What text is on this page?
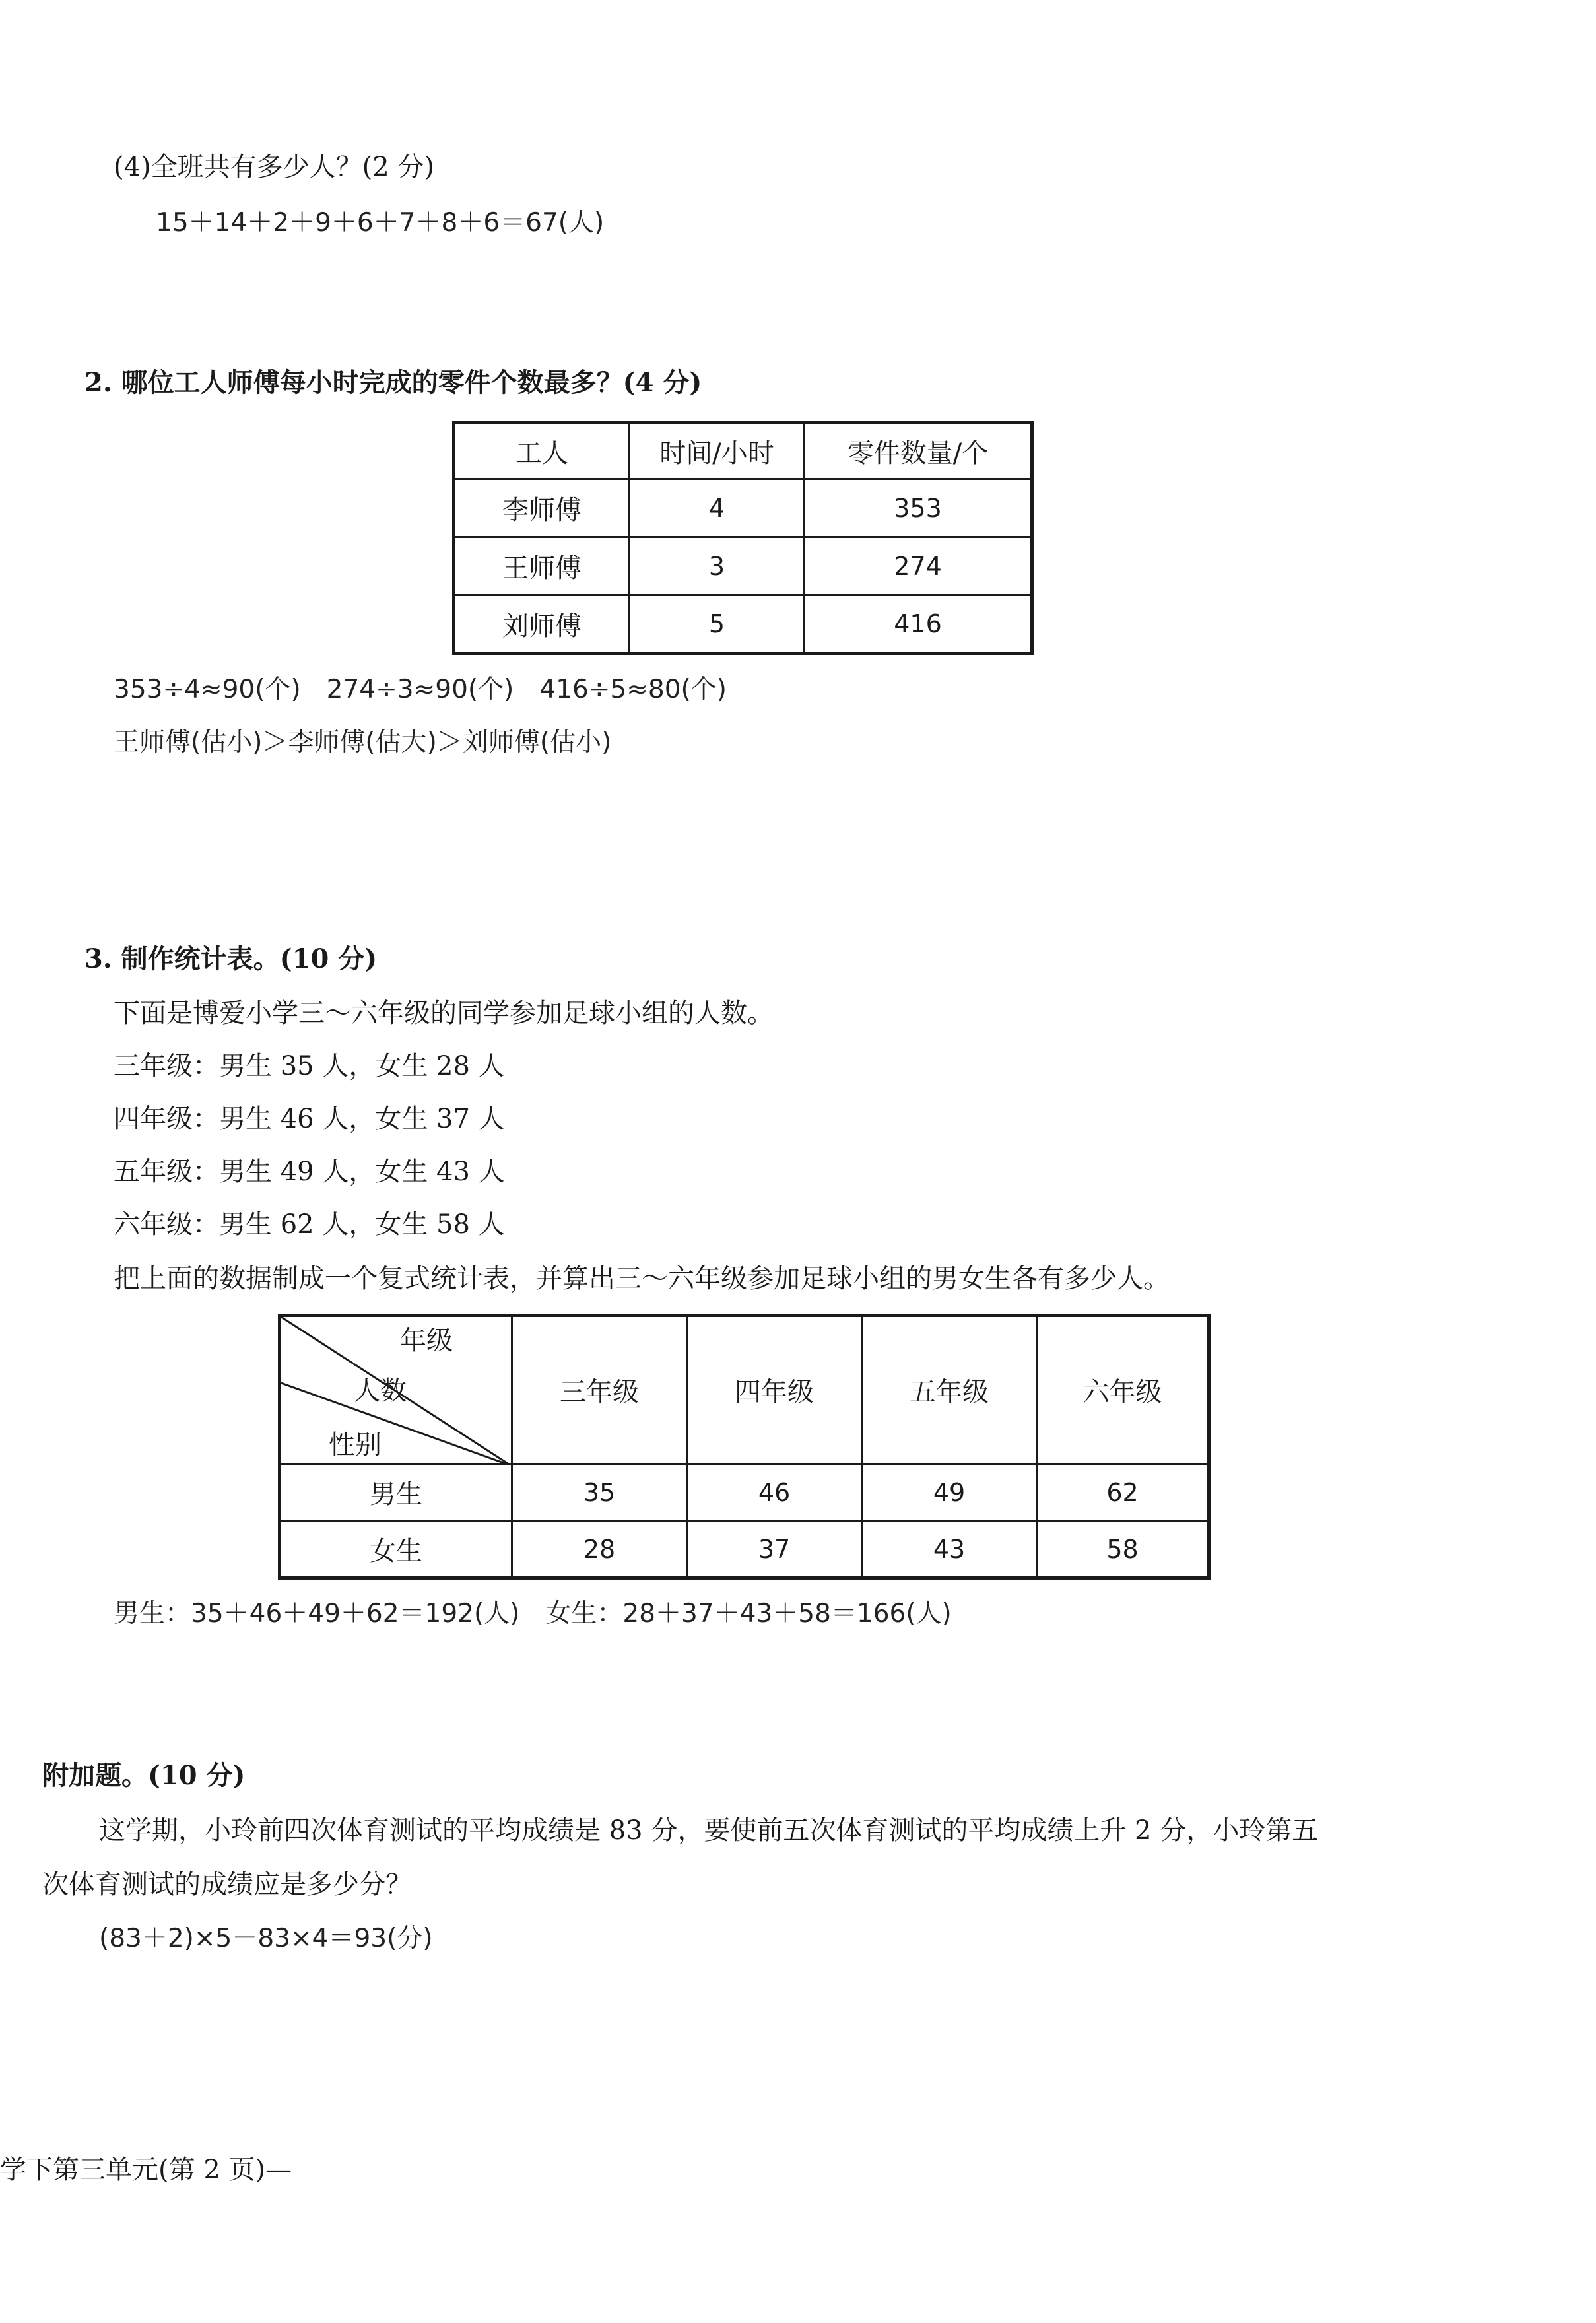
(4)全班共有多少人？(2 分)
15＋14＋2＋9＋6＋7＋8＋6＝67(人)
2. 哪位工人师傅每小时完成的零件个数最多？(4 分)
工人	时间/小时	零件数量/个
李师傅	4	353
王师傅	3	274
刘师傅	5	416
353÷4≈90(个)　274÷3≈90(个)　416÷5≈80(个)
王师傅(估小)＞李师傅(估大)＞刘师傅(估小)
3. 制作统计表。(10 分)
下面是博爱小学三～六年级的同学参加足球小组的人数。
三年级：男生 35 人，女生 28 人
四年级：男生 46 人，女生 37 人
五年级：男生 49 人，女生 43 人
六年级：男生 62 人，女生 58 人
把上面的数据制成一个复式统计表，并算出三～六年级参加足球小组的男女生各有多少人。
年级
人数
性别	三年级	四年级	五年级	六年级
男生	35	46	49	62
女生	28	37	43	58
男生：35＋46＋49＋62＝192(人)　女生：28＋37＋43＋58＝166(人)
附加题。(10 分)
这学期，小玲前四次体育测试的平均成绩是 83 分，要使前五次体育测试的平均成绩上升 2 分，小玲第五
次体育测试的成绩应是多少分？
(83＋2)×5－83×4＝93(分)
学下第三单元(第 2 页)—
